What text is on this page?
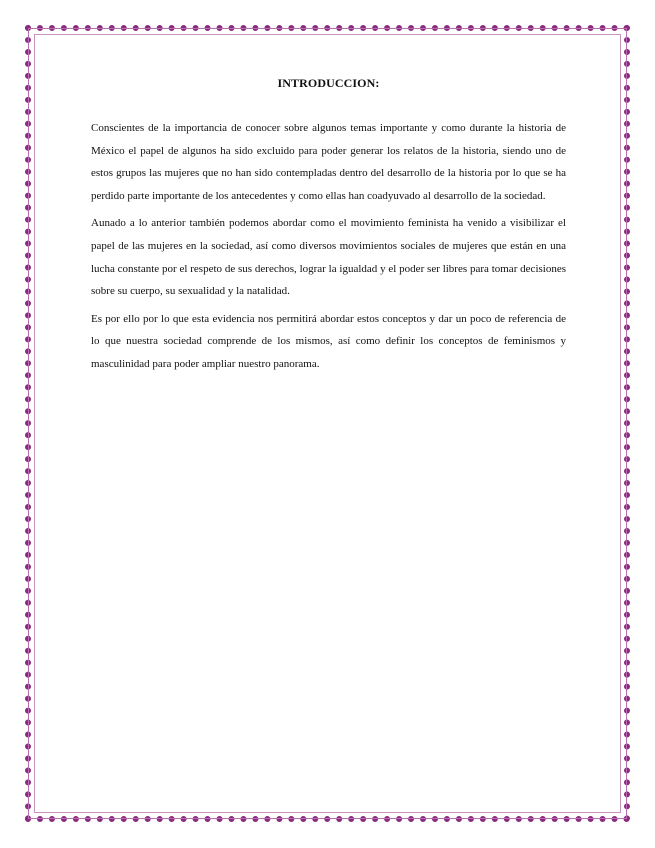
INTRODUCCION:

Conscientes de la importancia de conocer sobre algunos temas importante y como durante la historia de México el papel de algunos ha sido excluido para poder generar los relatos de la historia, siendo uno de estos grupos las mujeres que no han sido contempladas dentro del desarrollo de la historia por lo que se ha perdido parte importante de los antecedentes y como ellas han coadyuvado al desarrollo de la sociedad.

Aunado a lo anterior también podemos abordar como el movimiento feminista ha venido a visibilizar el papel de las mujeres en la sociedad, así como diversos movimientos sociales de mujeres que están en una lucha constante por el respeto de sus derechos, lograr la igualdad y el poder ser libres para tomar decisiones sobre su cuerpo, su sexualidad y la natalidad.

Es por ello por lo que esta evidencia nos permitirá abordar estos conceptos y dar un poco de referencia de lo que nuestra sociedad comprende de los mismos, así como definir los conceptos de feminismos y masculinidad para poder ampliar nuestro panorama.
